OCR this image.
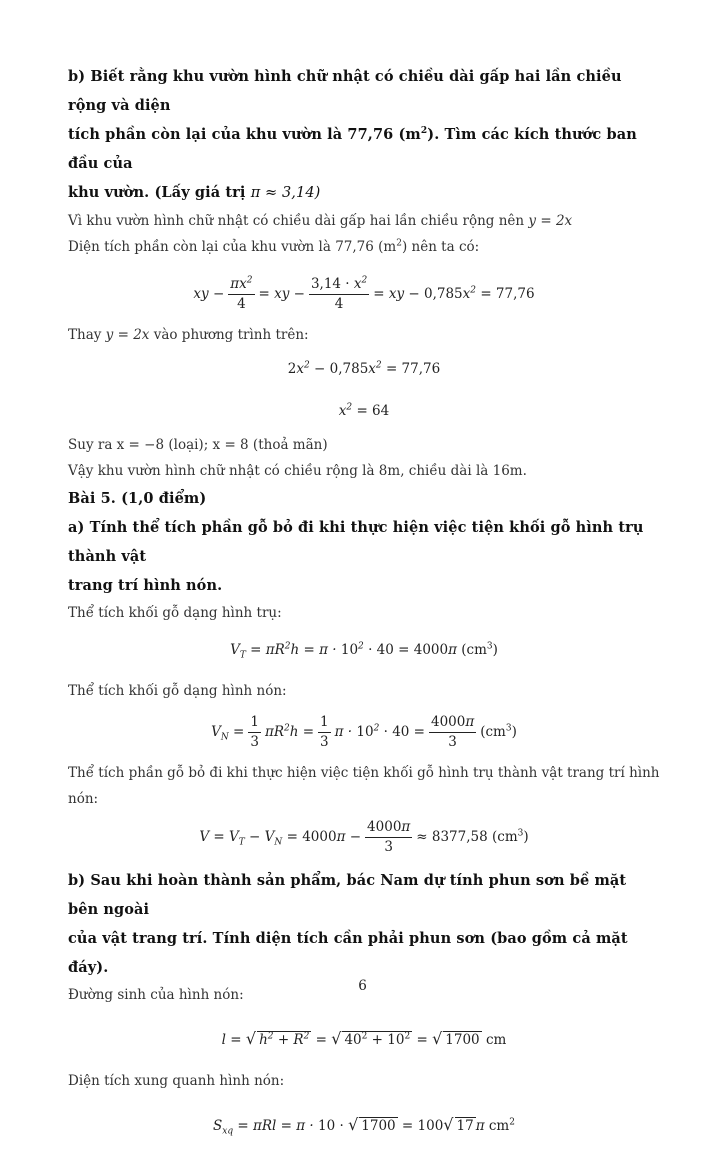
b) Biết rằng khu vườn hình chữ nhật có chiều dài gấp hai lần chiều rộng và diện
tích phần còn lại của khu vườn là 77,76 $(m^2)$. Tìm các kích thước ban đầu của
khu vườn. (Lấy giá trị π ≈ 3,14)
Vì khu vườn hình chữ nhật có chiều dài gấp hai lần chiều rộng nên y = 2x
Diện tích phần còn lại của khu vườn là 77,76 $(m^2)$ nên ta có:
xy − $\frac{\pi x^2}{4}$ = xy − $\frac{3,14 \cdot x^2}{4}$ = xy − $0,785x^2 = 77,76$
Thay y = 2x vào phương trình trên:
$2x^2 - 0,785x^2 = 77,76$
$x^2 = 64$
Suy ra x = −8 (loại); x = 8 (thoả mãn)
Vậy khu vườn hình chữ nhật có chiều rộng là 8m, chiều dài là 16m.
Bài 5. (1,0 điểm)
a) Tính thể tích phần gỗ bỏ đi khi thực hiện việc tiện khối gỗ hình trụ thành vật
trang trí hình nón.
Thể tích khối gỗ dạng hình trụ:
$V_T = \pi R^2h = \pi \cdot 10^2 \cdot 40 = 4000\pi$ $(cm^3)$
Thể tích khối gỗ dạng hình nón:
$V_N = \frac{1}{3} \pi R^2h = \frac{1}{3}$ $\pi \cdot 10^2 \cdot 40 = \frac{4000\pi}{3} (cm^3)$
Thể tích phần gỗ bỏ đi khi thực hiện việc tiện khối gỗ hình trụ thành vật trang trí hình nón:
$V = V_T - V_N = 4000\pi - \frac{4000\pi}{3} \approx 8377,58$ $(cm^3)$
b) Sau khi hoàn thành sản phẩm, bác Nam dự tính phun sơn bề mặt bên ngoài
của vật trang trí. Tính diện tích cần phải phun sơn (bao gồm cả mặt đáy).
Đường sinh của hình nón:
l = √ $h^2 + R^2$ = √ $40^2 + 10^2$ = √ 1700 cm
Diện tích xung quanh hình nón:
$S_{xq} = \pi Rl = \pi \cdot 10$ · √ 1700 = 100√ 17 π $cm^2$
6
